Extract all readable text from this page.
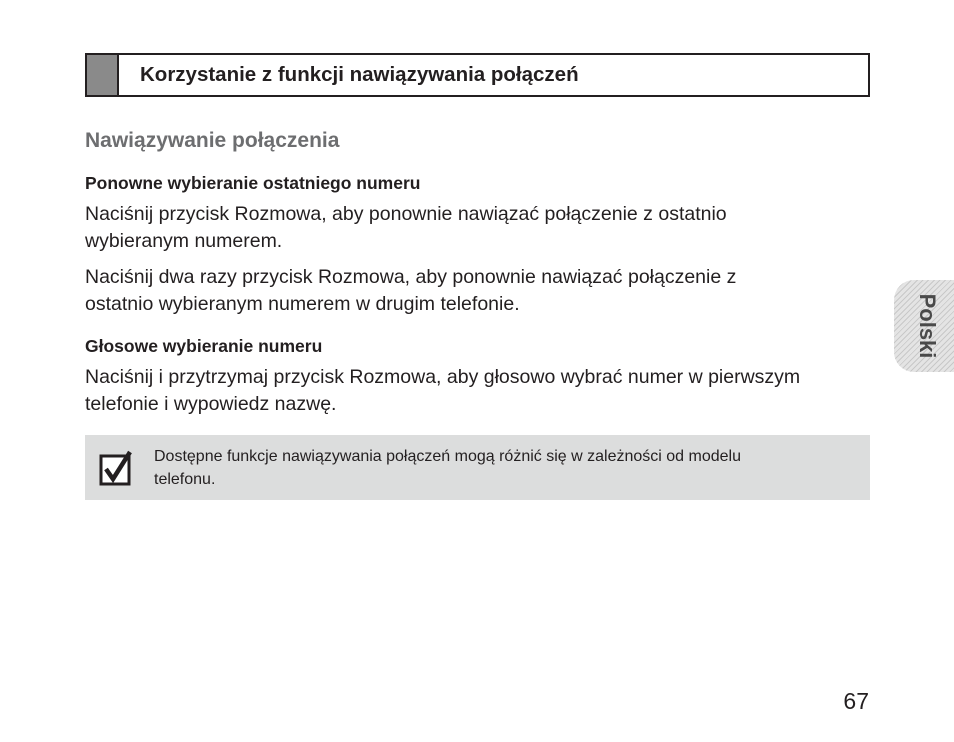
Korzystanie z funkcji nawiązywania połączeń
Nawiązywanie połączenia
Ponowne wybieranie ostatniego numeru
Naciśnij przycisk Rozmowa, aby ponownie nawiązać połączenie z ostatnio
wybieranym numerem.
Naciśnij dwa razy przycisk Rozmowa, aby ponownie nawiązać połączenie z
ostatnio wybieranym numerem w drugim telefonie.
Głosowe wybieranie numeru
Naciśnij i przytrzymaj przycisk Rozmowa, aby głosowo wybrać numer w pierwszym
telefonie i wypowiedz nazwę.
Dostępne funkcje nawiązywania połączeń mogą różnić się w zależności od modelu
telefonu.
Polski
67
